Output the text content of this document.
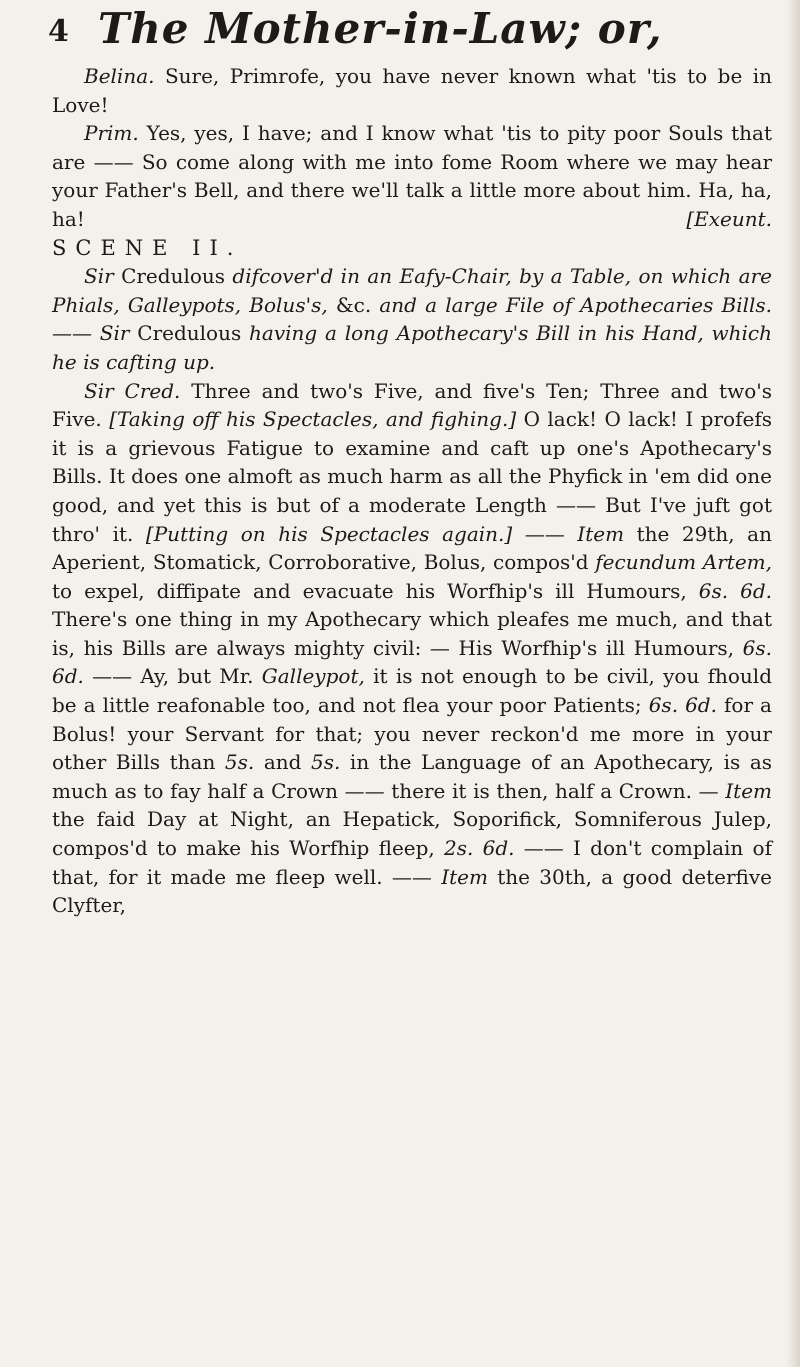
4 The Mother-in-Law; or,

Belina. Sure, Primrofe, you have never known what 'tis to be in Love!

Prim. Yes, yes, I have; and I know what 'tis to pity poor Souls that are —— So come along with me into fome Room where we may hear your Father's Bell, and there we'll talk a little more about him. Ha, ha, ha!	[Exeunt.

SCENE II.

Sir Credulous difcover'd in an Eafy-Chair, by a Table, on which are Phials, Galleypots, Bolus's, &c. and a large File of Apothecaries Bills. —— Sir Credulous having a long Apothecary's Bill in his Hand, which he is cafting up.

Sir Cred. Three and two's Five, and five's Ten; Three and two's Five. [Taking off his Spectacles, and fighing.] O lack! O lack! I profefs it is a grievous Fatigue to examine and caft up one's Apothecary's Bills. It does one almoft as much harm as all the Phyfick in 'em did one good, and yet this is but of a moderate Length —— But I've juft got thro' it. [Putting on his Spectacles again.] —— Item the 29th, an Aperient, Stomatick, Corroborative, Bolus, compos'd fecundum Artem, to expel, diffipate and evacuate his Worfhip's ill Humours, 6s. 6d. There's one thing in my Apothecary which pleafes me much, and that is, his Bills are always mighty civil: — His Worfhip's ill Humours, 6s. 6d. —— Ay, but Mr. Galleypot, it is not enough to be civil, you fhould be a little reafonable too, and not flea your poor Patients; 6s. 6d. for a Bolus! your Servant for that; you never reckon'd me more in your other Bills than 5s. and 5s. in the Language of an Apothecary, is as much as to fay half a Crown —— there it is then, half a Crown. — Item the faid Day at Night, an Hepatick, Soporifick, Somniferous Julep, compos'd to make his Worfhip fleep, 2s. 6d. —— I don't complain of that, for it made me fleep well. —— Item the 30th, a good deterfive Clyfter,
